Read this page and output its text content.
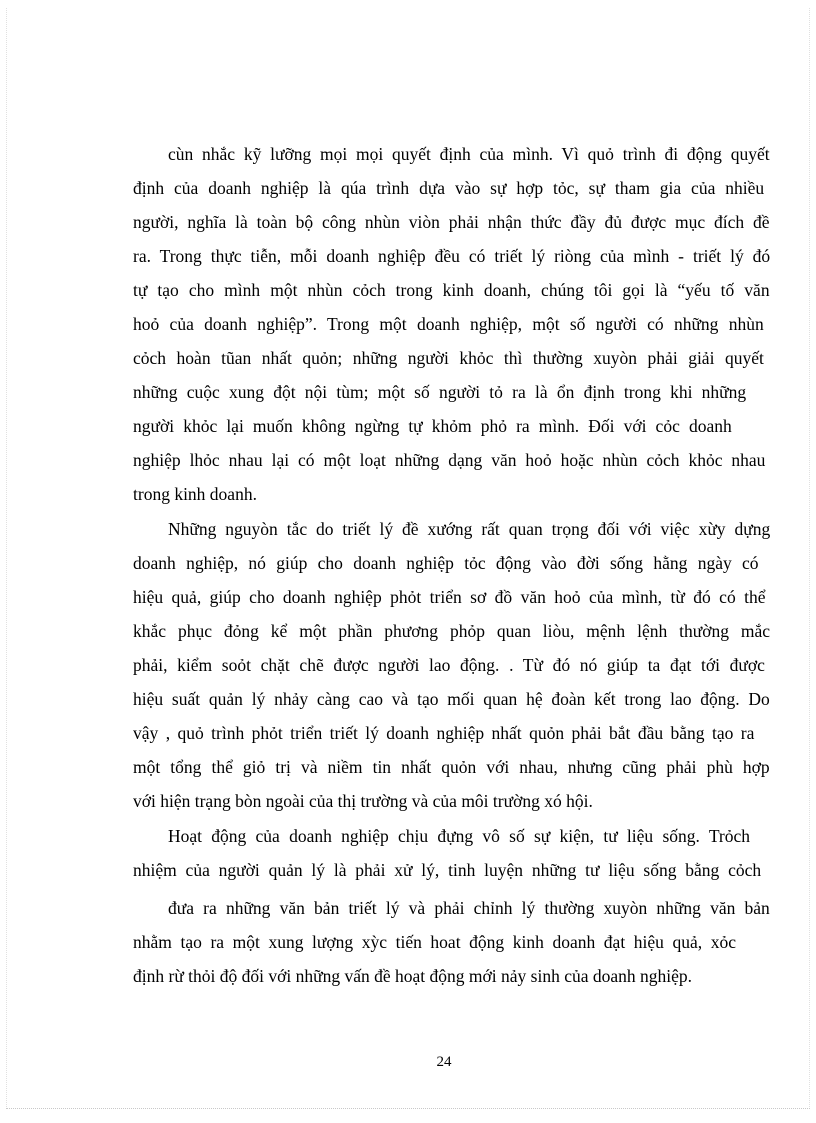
cùn nhắc kỹ lưỡng mọi mọi quyết định của mình. Vì quỏ trình đi động quyết

định của doanh nghiệp là qúa trình dựa vào sự hợp tỏc, sự tham gia của nhiều

người, nghĩa là toàn bộ công nhùn viòn phải nhận thức đầy đủ được mục đích đề

ra. Trong thực tiễn, mỗi doanh nghiệp đều có triết lý riòng của mình - triết lý đó

tự tạo cho mình một nhùn cỏch trong kinh doanh, chúng tôi gọi là “yếu tố văn

hoỏ của doanh nghiệp”. Trong một doanh nghiệp, một số người có những nhùn

cỏch hoàn tũan nhất quỏn; những người khỏc thì thường xuyòn phải giải quyết

những cuộc xung đột nội tùm; một số người tỏ ra là ổn định trong khi những

người khỏc lại muốn không ngừng tự khỏm phỏ ra mình. Đối với cỏc doanh

nghiệp lhỏc nhau lại có một loạt những dạng văn hoỏ hoặc nhùn cỏch khỏc nhau

trong kinh doanh.

Những nguyòn tắc do triết lý đề xướng rất quan trọng đối với việc xừy dựng

doanh nghiệp, nó giúp cho doanh nghiệp tỏc động vào đời sống hằng ngày có

hiệu quả, giúp cho doanh nghiệp phỏt triển sơ đồ văn hoỏ của mình, từ đó có thể

khắc phục đỏng kể một phần phương phỏp quan liòu, mệnh lệnh thường mắc

phải, kiểm soỏt chặt chẽ được người lao động. . Từ đó nó giúp ta đạt tới được

hiệu suất quản lý nhảy càng cao và tạo mối quan hệ đoàn kết trong lao động. Do

vậy , quỏ trình phỏt triển triết lý doanh nghiệp nhất quỏn phải bắt đầu bằng tạo ra

một tổng thể giỏ trị và niềm tin nhất quỏn với nhau, nhưng cũng phải phù hợp

với hiện trạng bòn ngoài của thị trường và của môi trường xó hội.

Hoạt động của doanh nghiệp chịu đựng vô số sự kiện, tư liệu sống. Trỏch

nhiệm của người quản lý là phải xử lý, tinh luyện những tư liệu sống bằng cỏch

đưa ra những văn bản triết lý và phải chỉnh lý thường xuyòn những văn bản

nhằm tạo ra một xung lượng xỳc tiến hoat động kinh doanh đạt hiệu quả, xỏc

định rừ thỏi độ đối với những vấn đề hoạt động mới nảy sinh của doanh nghiệp.

24
